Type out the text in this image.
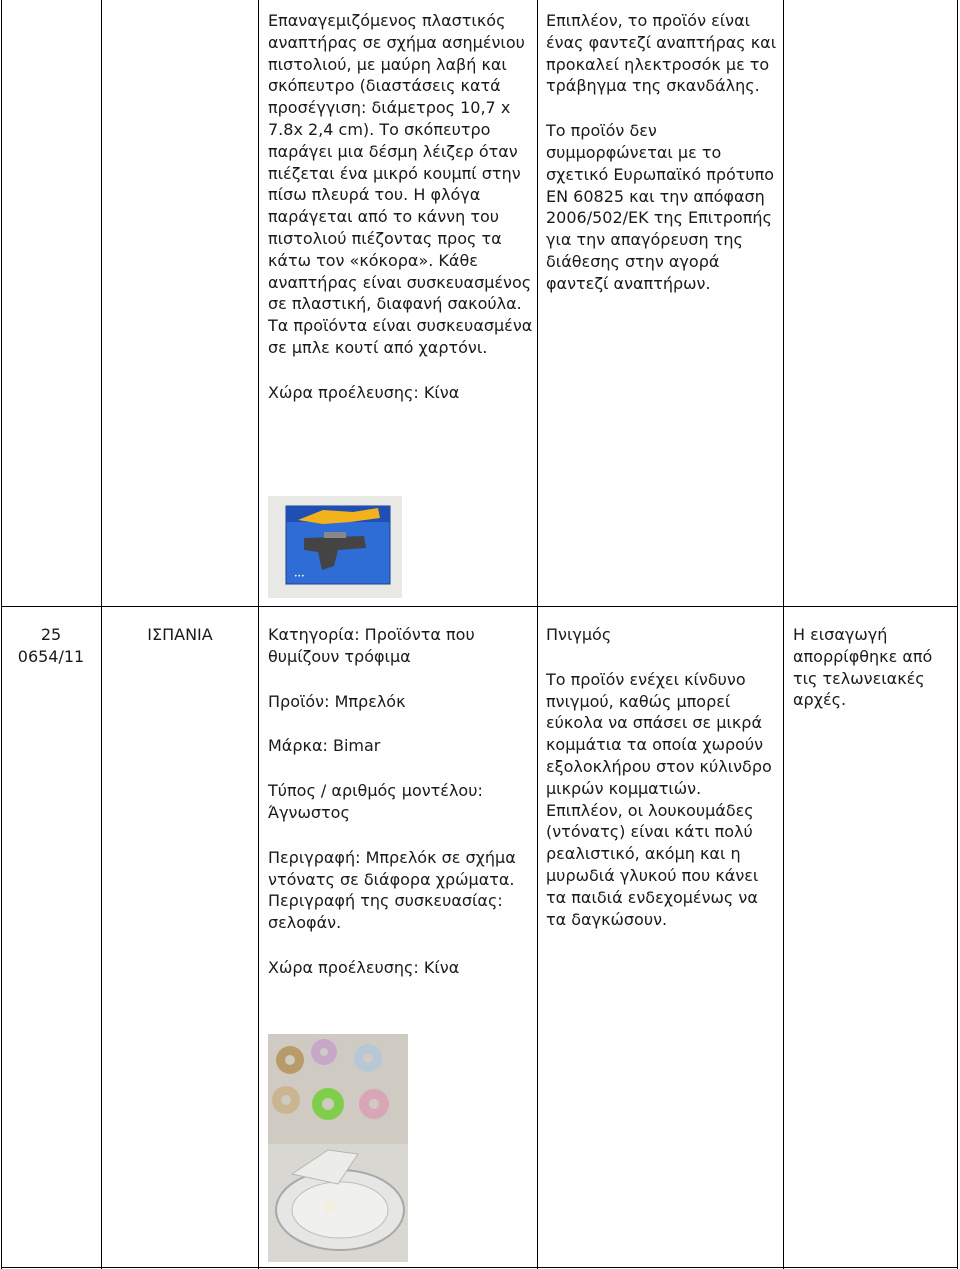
Επαναγεμιζόμενος πλαστικός αναπτήρας σε σχήμα ασημένιου πιστολιού, με μαύρη λαβή και σκόπευτρο (διαστάσεις κατά προσέγγιση: διάμετρος 10,7 x 7.8x 2,4 cm). Το σκόπευτρο παράγει μια δέσμη λέιζερ όταν πιέζεται ένα μικρό κουμπί στην πίσω πλευρά του. Η φλόγα παράγεται από το κάννη του πιστολιού πιέζοντας προς τα κάτω τον «κόκορα». Κάθε αναπτήρας είναι συσκευασμένος σε πλαστική, διαφανή σακούλα. Τα προϊόντα είναι συσκευασμένα σε μπλε κουτί από χαρτόνι.

Χώρα προέλευσης: Κίνα

•••

Επιπλέον, το προϊόν είναι ένας φαντεζί αναπτήρας και προκαλεί ηλεκτροσόκ με το τράβηγμα της σκανδάλης.

Το προϊόν δεν συμμορφώνεται με το σχετικό Ευρωπαϊκό πρότυπο ΕΝ 60825 και την απόφαση 2006/502/ΕΚ της Επιτροπής για την απαγόρευση της διάθεσης στην αγορά φαντεζί αναπτήρων.

25
0654/11
ΙΣΠΑΝΙΑ	Κατηγορία: Προϊόντα που θυμίζουν τρόφιμα

Προϊόν: Μπρελόκ

Μάρκα: Bimar

Τύπος / αριθμός μοντέλου: Άγνωστος

Περιγραφή: Μπρελόκ σε σχήμα ντόνατς σε διάφορα χρώματα. Περιγραφή της συσκευασίας: σελοφάν.

Χώρα προέλευσης: Κίνα

Πνιγμός

Το προϊόν ενέχει κίνδυνο πνιγμού, καθώς μπορεί εύκολα να σπάσει σε μικρά κομμάτια τα οποία χωρούν εξολοκλήρου στον κύλινδρο μικρών κομματιών. Επιπλέον, οι λουκουμάδες (ντόνατς) είναι κάτι πολύ ρεαλιστικό, ακόμη και η μυρωδιά γλυκού που κάνει τα παιδιά ενδεχομένως να τα δαγκώσουν.

Η εισαγωγή απορρίφθηκε από τις τελωνειακές αρχές.
